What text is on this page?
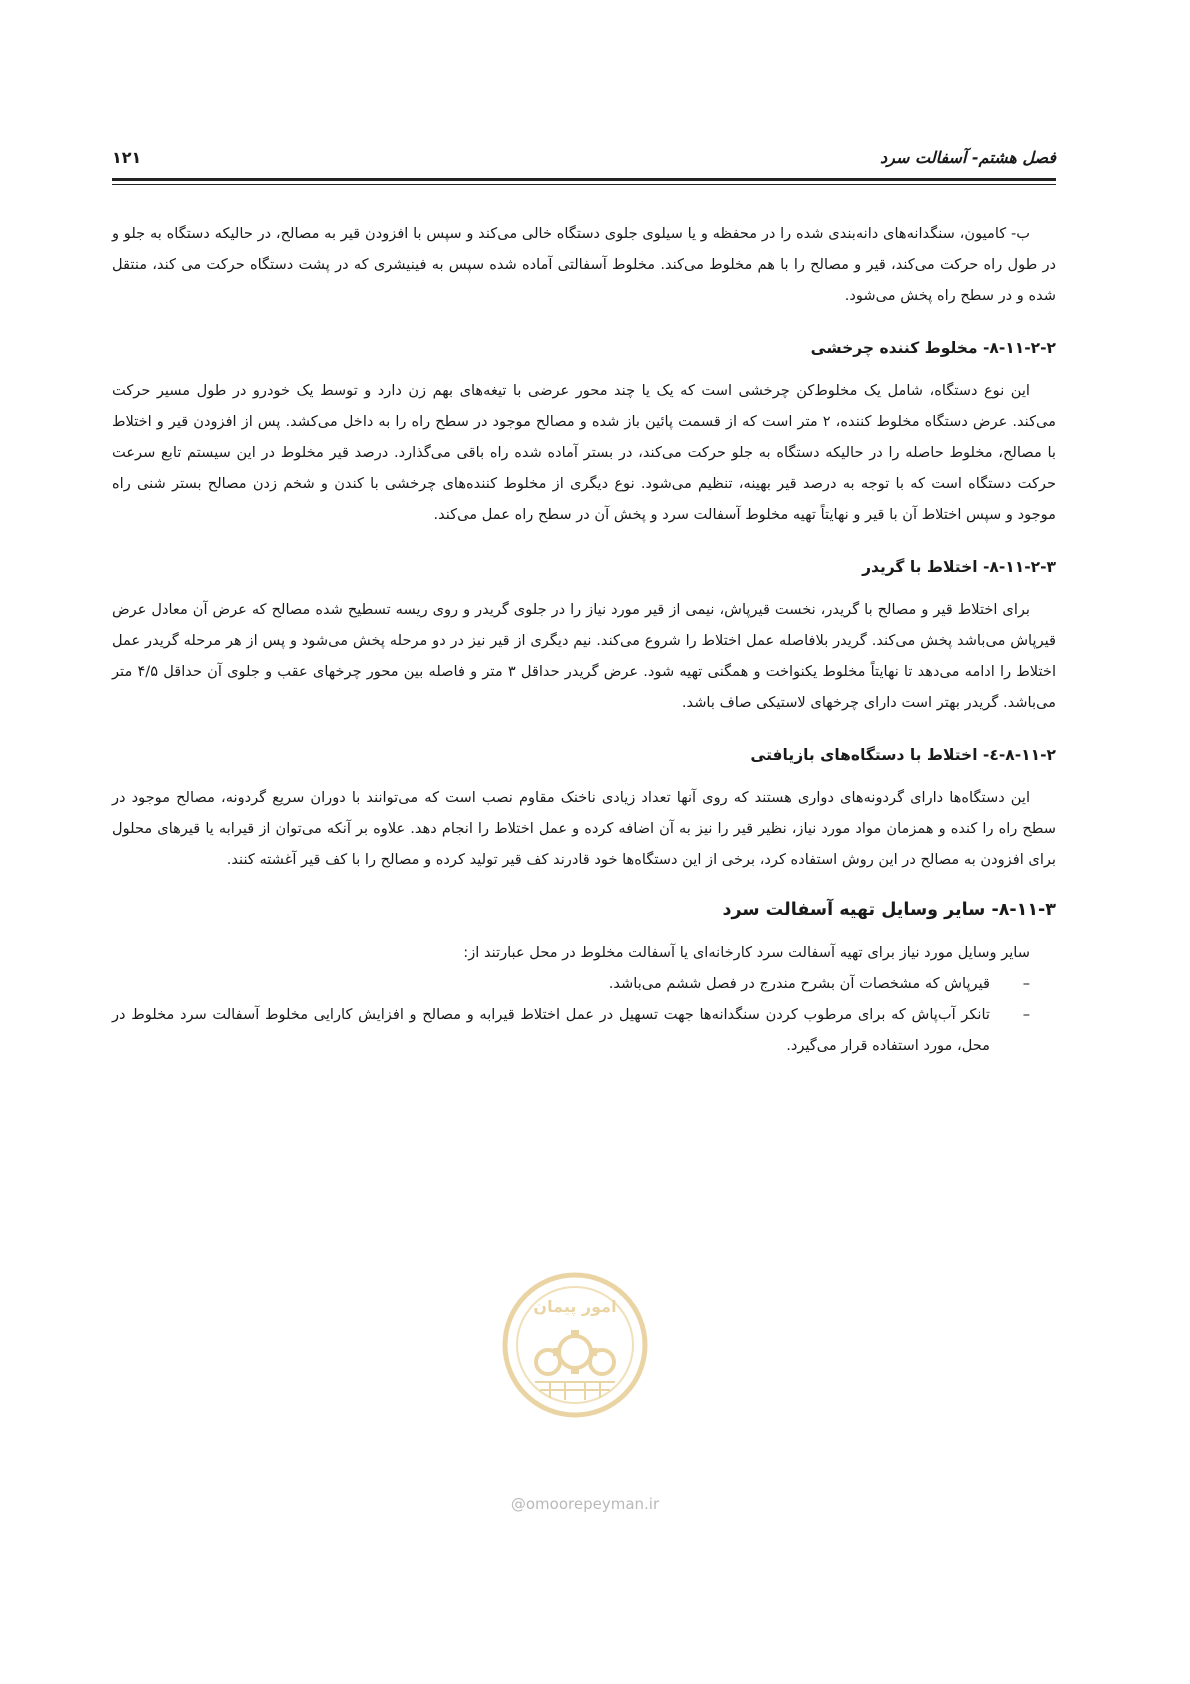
فصل هشتم- آسفالت سرد
۱۲۱

ب- کامیون، سنگدانه‌های دانه‌بندی شده را در محفظه و یا سیلوی جلوی دستگاه خالی می‌کند و سپس با افزودن قیر به مصالح، در حالیکه دستگاه به جلو و در طول راه حرکت می‌کند، قیر و مصالح را با هم مخلوط می‌کند. مخلوط آسفالتی آماده شده سپس به فینیشری که در پشت دستگاه حرکت می کند، منتقل شده و در سطح راه پخش می‌شود.

۸-۱۱-۲-۲- مخلوط کننده چرخشی

این نوع دستگاه، شامل یک مخلوط‌کن چرخشی است که یک یا چند محور عرضی با تیغه‌های بهم زن دارد و توسط یک خودرو در طول مسیر حرکت می‌کند. عرض دستگاه مخلوط کننده، ۲ متر است که از قسمت پائین باز شده و مصالح موجود در سطح راه را به داخل می‌کشد. پس از افزودن قیر و اختلاط با مصالح، مخلوط حاصله را در حالیکه دستگاه به جلو حرکت می‌کند، در بستر آماده شده راه باقی می‌گذارد. درصد قیر مخلوط در این سیستم تابع سرعت حرکت دستگاه است که با توجه به درصد قیر بهینه، تنظیم می‌شود. نوع دیگری از مخلوط کننده‌های چرخشی با کندن و شخم زدن مصالح بستر شنی راه موجود و سپس اختلاط آن با قیر و نهایتاً تهیه مخلوط آسفالت سرد و پخش آن در سطح راه عمل می‌کند.

۸-۱۱-۲-۳- اختلاط با گریدر

برای اختلاط قیر و مصالح با گریدر، نخست قیرپاش، نیمی از قیر مورد نیاز را در جلوی گریدر و روی ریسه تسطیح شده مصالح که عرض آن معادل عرض قیرپاش می‌باشد پخش می‌کند. گریدر بلافاصله عمل اختلاط را شروع می‌کند. نیم دیگری از قیر نیز در دو مرحله پخش می‌شود و پس از هر مرحله گریدر عمل اختلاط را ادامه می‌دهد تا نهایتاً مخلوط یکنواخت و همگنی تهیه شود. عرض گریدر حداقل ۳ متر و فاصله بین محور چرخهای عقب و جلوی آن حداقل ۴/۵ متر می‌باشد. گریدر بهتر است دارای چرخهای لاستیکی صاف باشد.

۸-۱۱-۲-٤- اختلاط با دستگاه‌های بازیافتی

این دستگاه‌ها دارای گردونه‌های دواری هستند که روی آنها تعداد زیادی ناخنک مقاوم نصب است که می‌توانند با دوران سریع گردونه، مصالح موجود در سطح راه را کنده و همزمان مواد مورد نیاز، نظیر قیر را نیز به آن اضافه کرده و عمل اختلاط را انجام دهد. علاوه بر آنکه می‌توان از قیرابه یا قیرهای محلول برای افزودن به مصالح در این روش استفاده کرد، برخی از این دستگاه‌ها خود قادرند کف قیر تولید کرده و مصالح را با کف قیر آغشته کنند.

۸-۱۱-۳- سایر وسایل تهیه آسفالت سرد

سایر وسایل مورد نیاز برای تهیه آسفالت سرد کارخانه‌ای یا آسفالت مخلوط در محل عبارتند از:

–
قیرپاش که مشخصات آن بشرح مندرج در فصل ششم می‌باشد.
–
تانکر آب‌پاش که برای مرطوب کردن سنگدانه‌ها جهت تسهیل در عمل اختلاط قیرابه و مصالح و افزایش کارایی مخلوط آسفالت سرد مخلوط در محل، مورد استفاده قرار می‌گیرد.
امور پیمان
@omoorepeyman.ir
